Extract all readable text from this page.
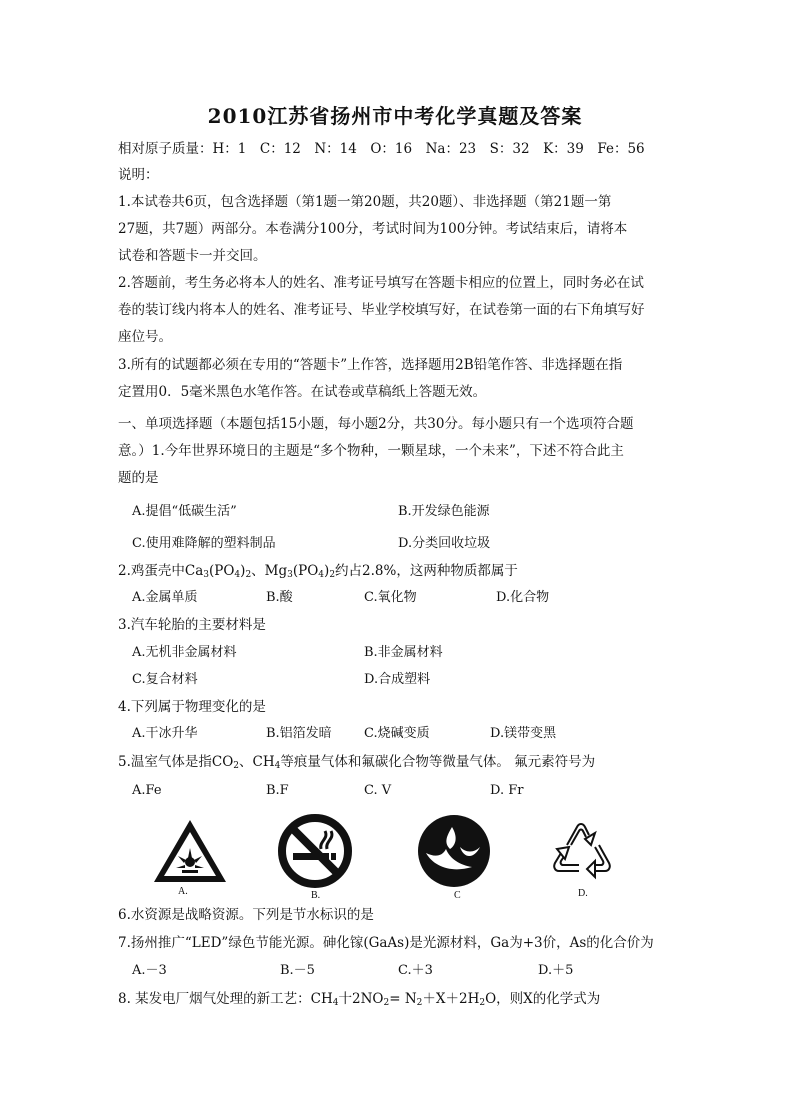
2010江苏省扬州市中考化学真题及答案
相对原子质量：H：1　C：12　N：14　O：16　Na：23　S：32　K：39　Fe：56
说明：
1.本试卷共6页，包含选择题（第1题一第20题，共20题）、非选择题（第21题一第
27题，共7题）两部分。本卷满分100分，考试时间为100分钟。考试结束后，请将本
试卷和答题卡一并交回。
2.答题前，考生务必将本人的姓名、准考证号填写在答题卡相应的位置上，同时务必在试
卷的装订线内将本人的姓名、准考证号、毕业学校填写好，在试卷第一面的右下角填写好
座位号。
3.所有的试题都必须在专用的“答题卡”上作答，选择题用2B铅笔作答、非选择题在指
定置用0．5毫米黑色水笔作答。在试卷或草稿纸上答题无效。
一、单项选择题（本题包括15小题，每小题2分，共30分。每小题只有一个选项符合题
意。）1.今年世界环境日的主题是“多个物种，一颗星球，一个未来”，下述不符合此主
题的是
A.提倡“低碳生活”	B.开发绿色能源
C.使用难降解的塑料制品	D.分类回收垃圾
2.鸡蛋壳中$Ca_3(PO_4)_2$、$Mg_3(PO_4)_2$约占2.8%，这两种物质都属于
A.金属单质	B.酸	C.氧化物	D.化合物
3.汽车轮胎的主要材料是
A.无机非金属材料	B.非金属材料
C.复合材料	D.合成塑料
4.下列属于物理变化的是
A.干冰升华	B.铝箔发暗 C.烧碱变质	D.镁带变黑
5.温室气体是指$CO_2$、$CH_4$等痕量气体和氟碳化合物等微量气体。 氟元素符号为
A.Fe	B.F	C. V	D. Fr
A.	B.	C	D.
6.水资源是战略资源。下列是节水标识的是
7.扬州推广“LED”绿色节能光源。砷化镓(GaAs)是光源材料，Ga为+3价，As的化合价为
A.－3	B.－5	C.＋3	D.＋5
8. 某发电厂烟气处理的新工艺：$CH_4$十$2NO_2= N_2+X+2H_2O$，则X的化学式为
